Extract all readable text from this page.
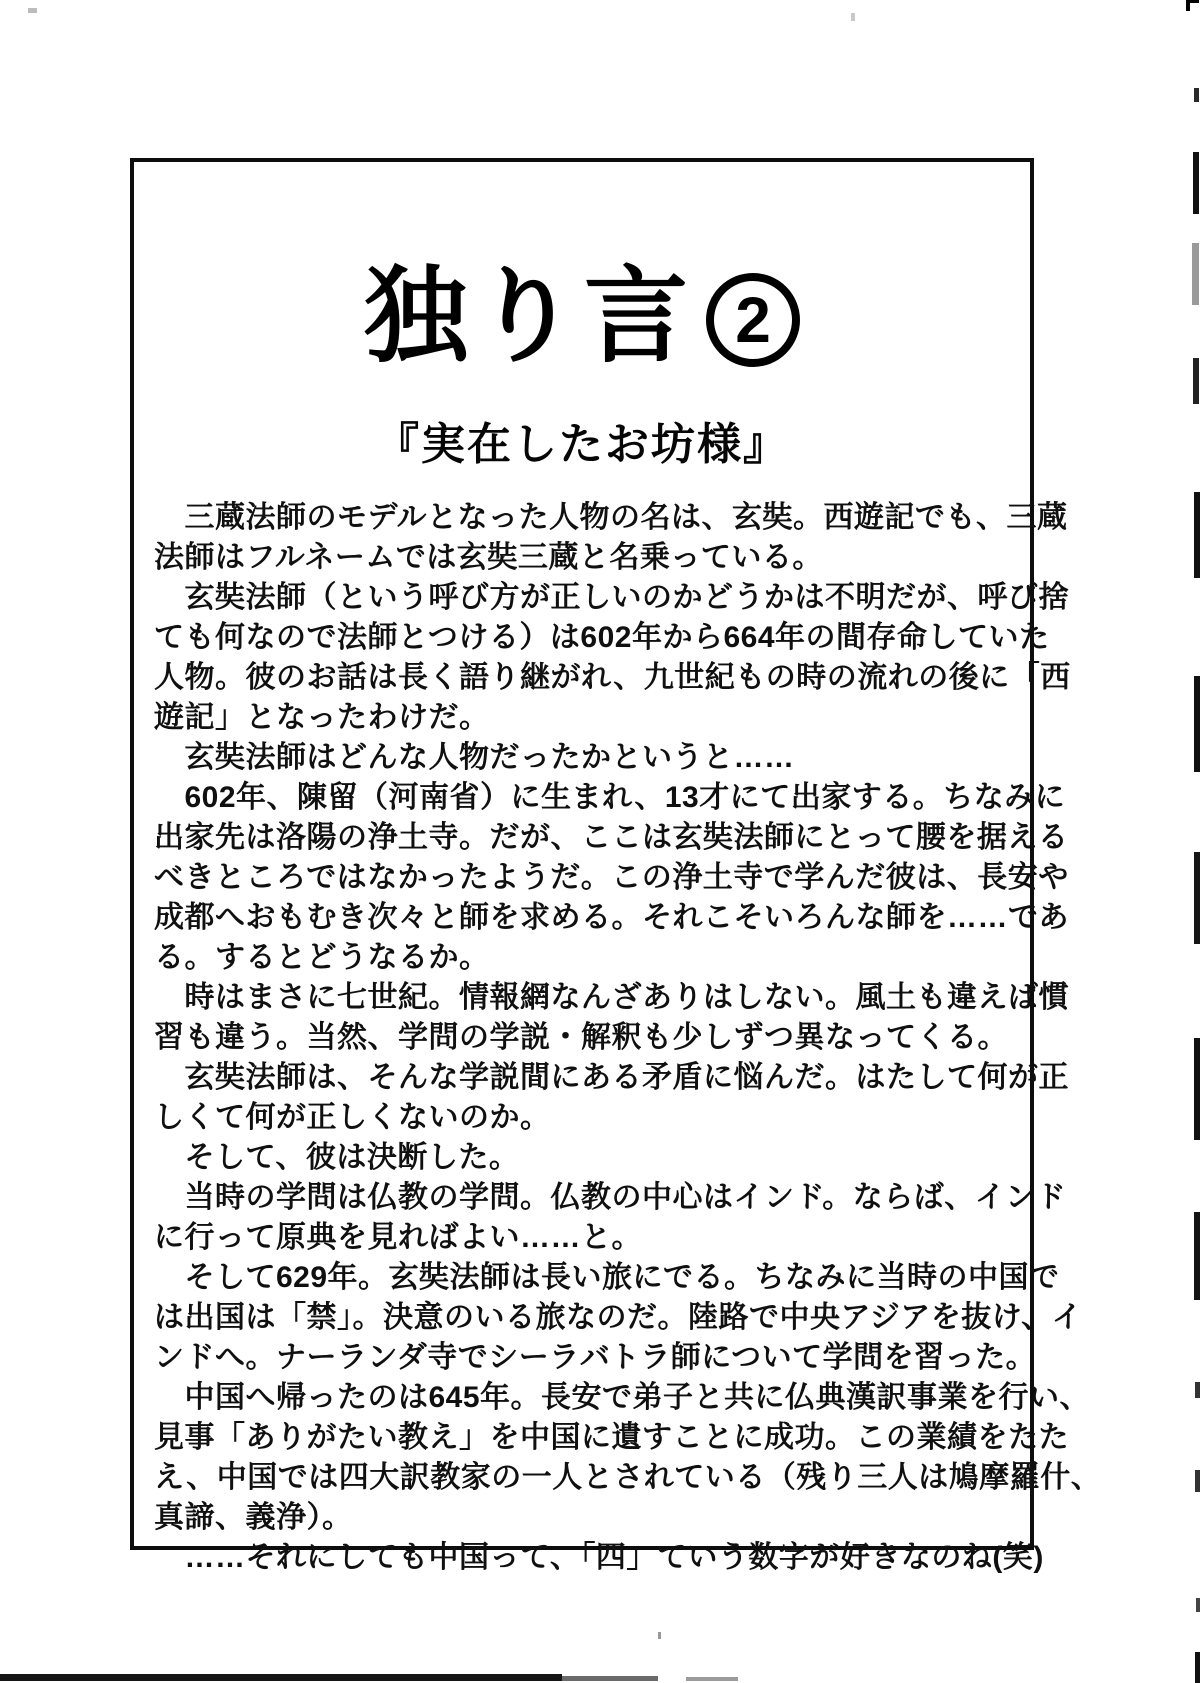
独り言 2
『実在したお坊様』
　三蔵法師のモデルとなった人物の名は、玄奘。西遊記でも、三蔵
法師はフルネームでは玄奘三蔵と名乗っている。
　玄奘法師（という呼び方が正しいのかどうかは不明だが、呼び捨
ても何なので法師とつける）は602年から664年の間存命していた
人物。彼のお話は長く語り継がれ、九世紀もの時の流れの後に「西
遊記」となったわけだ。
　玄奘法師はどんな人物だったかというと……
　602年、陳留（河南省）に生まれ、13才にて出家する。ちなみに
出家先は洛陽の浄土寺。だが、ここは玄奘法師にとって腰を据える
べきところではなかったようだ。この浄土寺で学んだ彼は、長安や
成都へおもむき次々と師を求める。それこそいろんな師を……であ
る。するとどうなるか。
　時はまさに七世紀。情報網なんざありはしない。風土も違えば慣
習も違う。当然、学問の学説・解釈も少しずつ異なってくる。
　玄奘法師は、そんな学説間にある矛盾に悩んだ。はたして何が正
しくて何が正しくないのか。
　そして、彼は決断した。
　当時の学問は仏教の学問。仏教の中心はインド。ならば、インド
に行って原典を見ればよい……と。
　そして629年。玄奘法師は長い旅にでる。ちなみに当時の中国で
は出国は「禁」。決意のいる旅なのだ。陸路で中央アジアを抜け、イ
ンドへ。ナーランダ寺でシーラバトラ師について学問を習った。
　中国へ帰ったのは645年。長安で弟子と共に仏典漢訳事業を行い、
見事「ありがたい教え」を中国に遺すことに成功。この業績をたた
え、中国では四大訳教家の一人とされている（残り三人は鳩摩羅什、
真諦、義浄）。
　……それにしても中国って、「四」ていう数字が好きなのね(笑)
